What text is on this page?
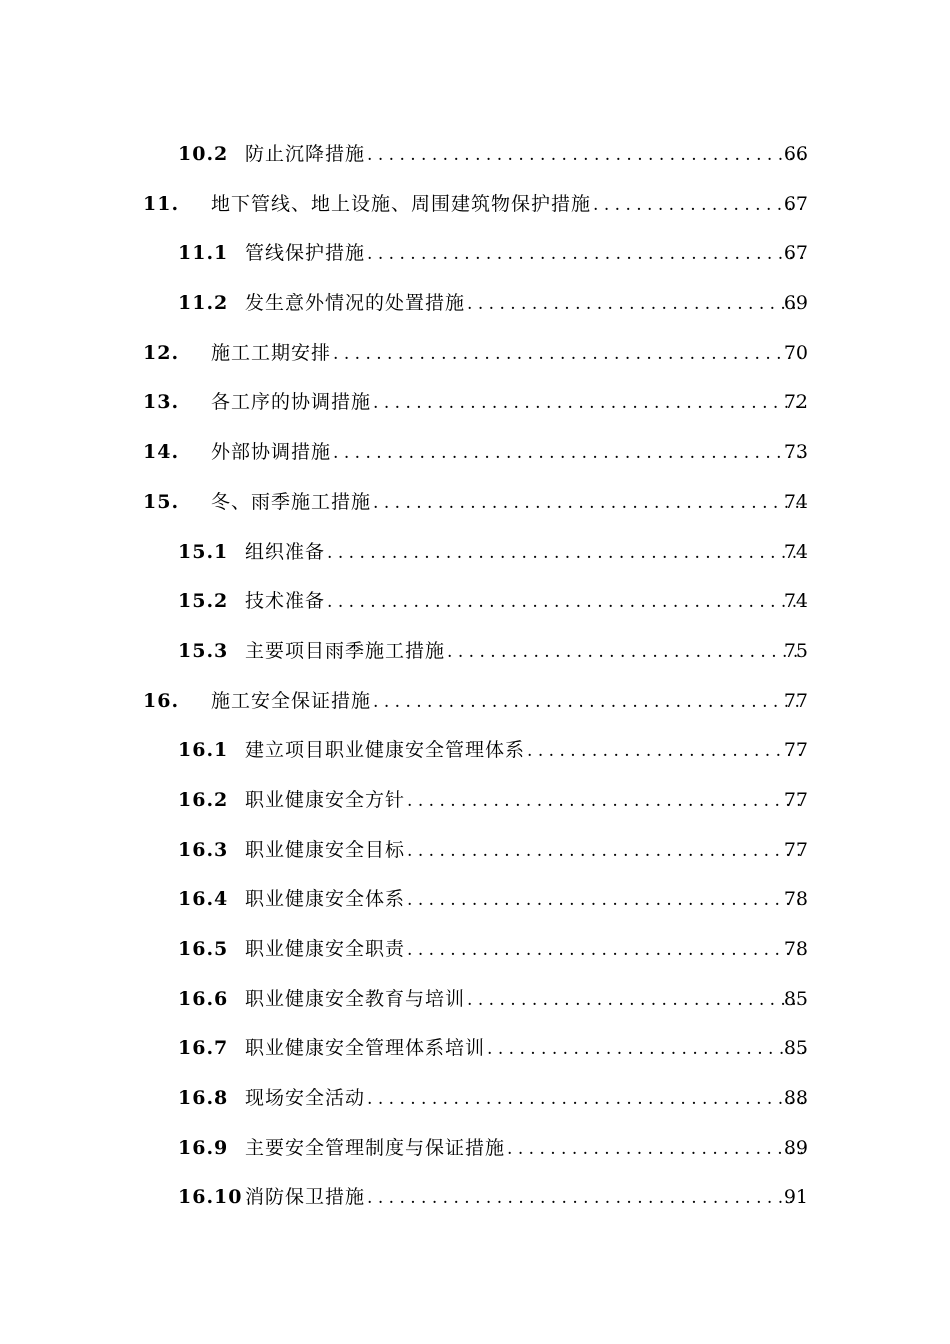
10.2 防止沉降措施 . . .	66
11. 地下管线、地上设施、周围建筑物保护措施 . . .	67
11.1 管线保护措施 . . .	67
11.2 发生意外情况的处置措施 . . .	69
12. 施工工期安排 . . .	70
13. 各工序的协调措施 . . .	72
14. 外部协调措施 . . .	73
15. 冬、雨季施工措施 . . .	74
15.1 组织准备 . . .	74
15.2 技术准备 . . .	74
15.3 主要项目雨季施工措施 . . .	75
16. 施工安全保证措施 . . .	77
16.1 建立项目职业健康安全管理体系 . . .	77
16.2 职业健康安全方针 . . .	77
16.3 职业健康安全目标 . . .	77
16.4 职业健康安全体系 . . .	78
16.5 职业健康安全职责 . . .	78
16.6 职业健康安全教育与培训 . . .	85
16.7 职业健康安全管理体系培训 . . .	85
16.8 现场安全活动 . . .	88
16.9 主要安全管理制度与保证措施 . . .	89
16.10 消防保卫措施 . . .	91
